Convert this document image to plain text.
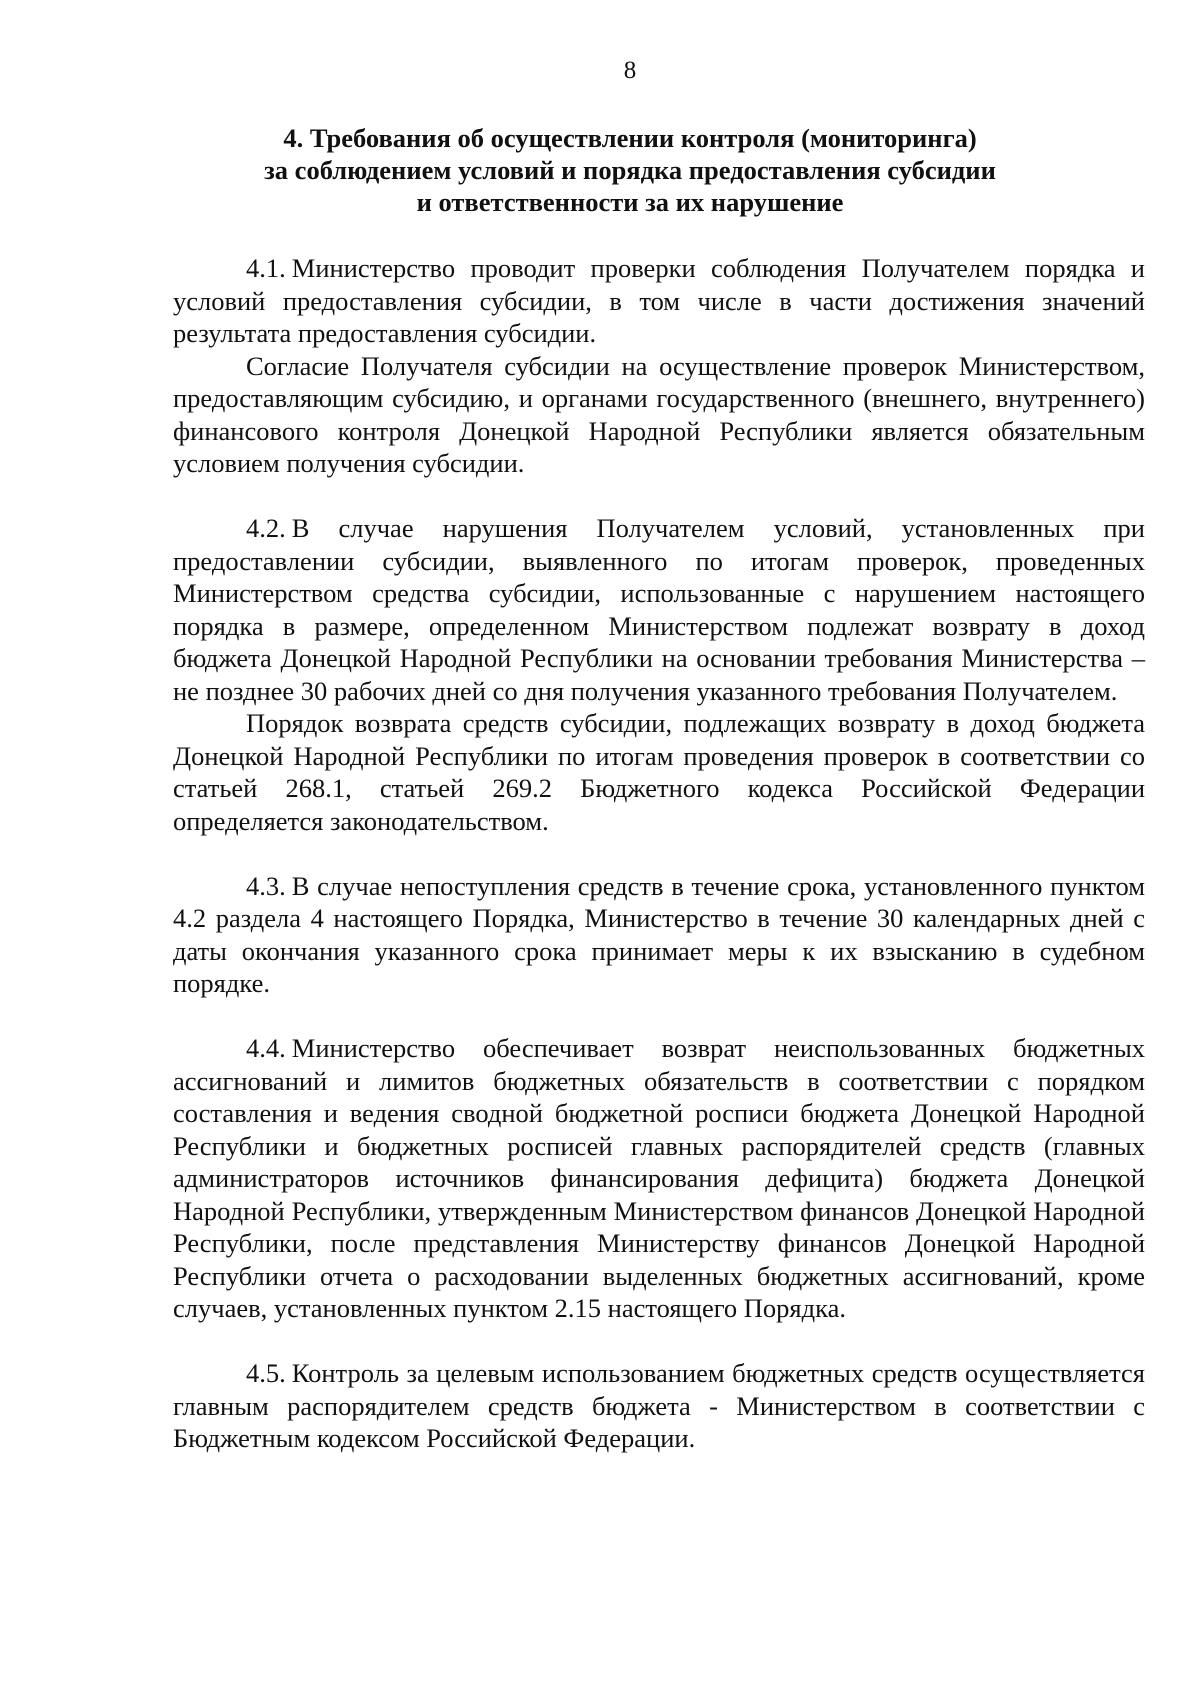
8
4. Требования об осуществлении контроля (мониторинга)
за соблюдением условий и порядка предоставления субсидии
и ответственности за их нарушение

4.1. Министерство проводит проверки соблюдения Получателем порядка и условий предоставления субсидии, в том числе в части достижения значений результата предоставления субсидии.

Согласие Получателя субсидии на осуществление проверок Министерством, предоставляющим субсидию, и органами государственного (внешнего, внутреннего) финансового контроля Донецкой Народной Республики является обязательным условием получения субсидии.

4.2. В случае нарушения Получателем условий, установленных при предоставлении субсидии, выявленного по итогам проверок, проведенных Министерством средства субсидии, использованные с нарушением настоящего порядка в размере, определенном Министерством подлежат возврату в доход бюджета Донецкой Народной Республики на основании требования Министерства – не позднее 30 рабочих дней со дня получения указанного требования Получателем.

Порядок возврата средств субсидии, подлежащих возврату в доход бюджета Донецкой Народной Республики по итогам проведения проверок в соответствии со статьей 268.1, статьей 269.2 Бюджетного кодекса Российской Федерации определяется законодательством.

4.3. В случае непоступления средств в течение срока, установленного пунктом 4.2 раздела 4 настоящего Порядка, Министерство в течение 30 календарных дней с даты окончания указанного срока принимает меры к их взысканию в судебном порядке.

4.4. Министерство обеспечивает возврат неиспользованных бюджетных ассигнований и лимитов бюджетных обязательств в соответствии с порядком составления и ведения сводной бюджетной росписи бюджета Донецкой Народной Республики и бюджетных росписей главных распорядителей средств (главных администраторов источников финансирования дефицита) бюджета Донецкой Народной Республики, утвержденным Министерством финансов Донецкой Народной Республики, после представления Министерству финансов Донецкой Народной Республики отчета о расходовании выделенных бюджетных ассигнований, кроме случаев, установленных пунктом 2.15 настоящего Порядка.

4.5. Контроль за целевым использованием бюджетных средств осуществляется главным распорядителем средств бюджета - Министерством в соответствии с Бюджетным кодексом Российской Федерации.
